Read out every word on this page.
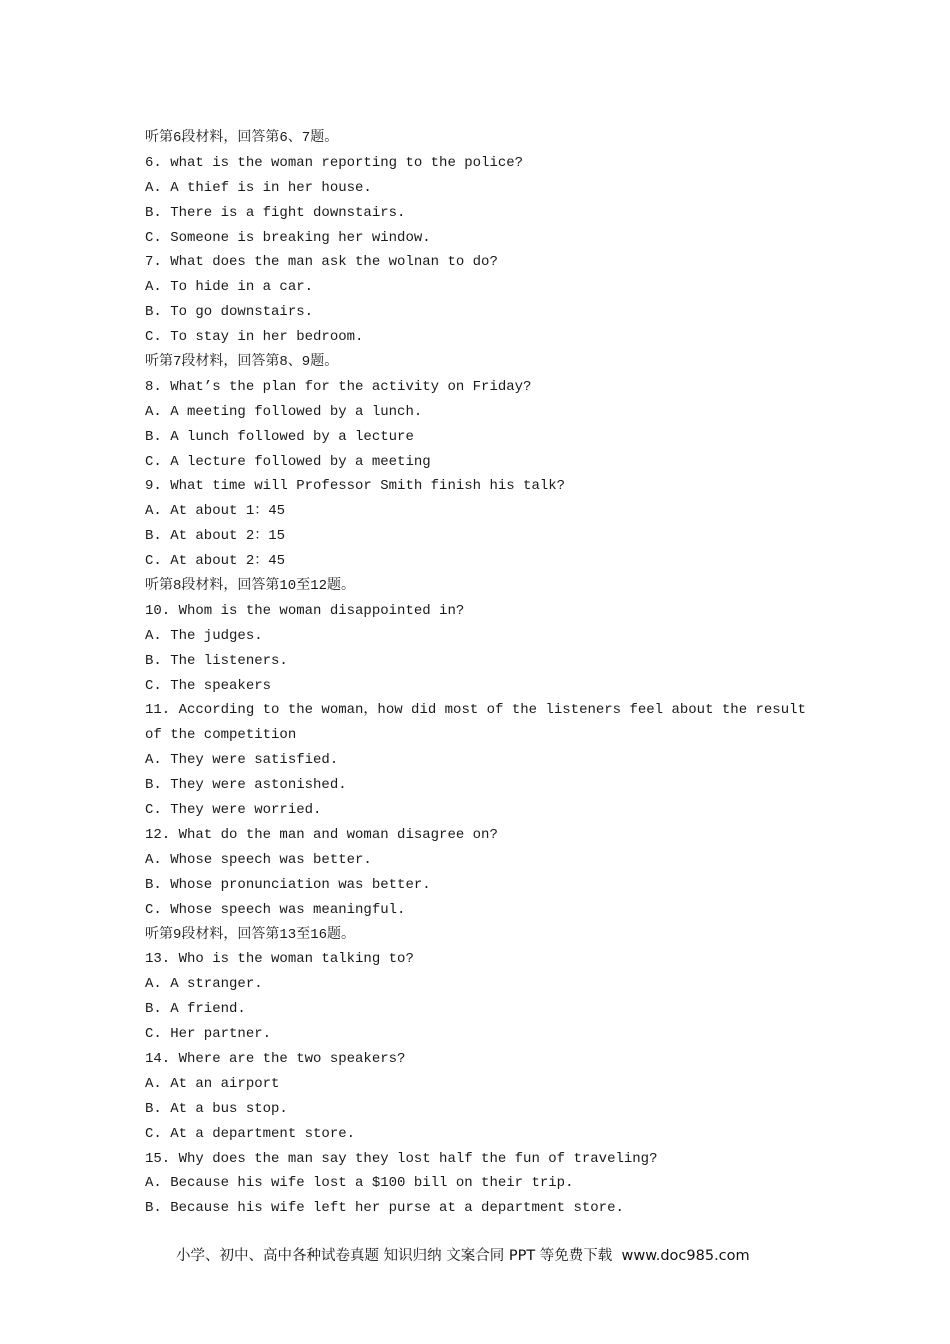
听第6段材料，回答第6、7题。
6. what is the woman reporting to the police?
A. A thief is in her house.
B. There is a fight downstairs.
C. Someone is breaking her window.
7. What does the man ask the wolnan to do?
A. To hide in a car.
B. To go downstairs.
C. To stay in her bedroom.
听第7段材料，回答第8、9题。
8. What’s the plan for the activity on Friday?
A. A meeting followed by a lunch.
B. A lunch followed by a lecture
C. A lecture followed by a meeting
9. What time will Professor Smith finish his talk?
A. At about 1：45
B. At about 2：15
C. At about 2：45
听第8段材料，回答第10至12题。
10. Whom is the woman disappointed in?
A. The judges.
B. The listeners.
C. The speakers
11. According to the woman，how did most of the listeners feel about the result
of the competition
A. They were satisfied.
B. They were astonished.
C. They were worried.
12. What do the man and woman disagree on?
A. Whose speech was better.
B. Whose pronunciation was better.
C. Whose speech was meaningful.
听第9段材料，回答第13至16题。
13. Who is the woman talking to?
A. A stranger.
B. A friend.
C. Her partner.
14. Where are the two speakers?
A. At an airport
B. At a bus stop.
C. At a department store.
15. Why does the man say they lost half the fun of traveling?
A. Because his wife lost a $100 bill on their trip.
B. Because his wife left her purse at a department store.
小学、初中、高中各种试卷真题 知识归纳 文案合同 PPT 等免费下载  www.doc985.com
